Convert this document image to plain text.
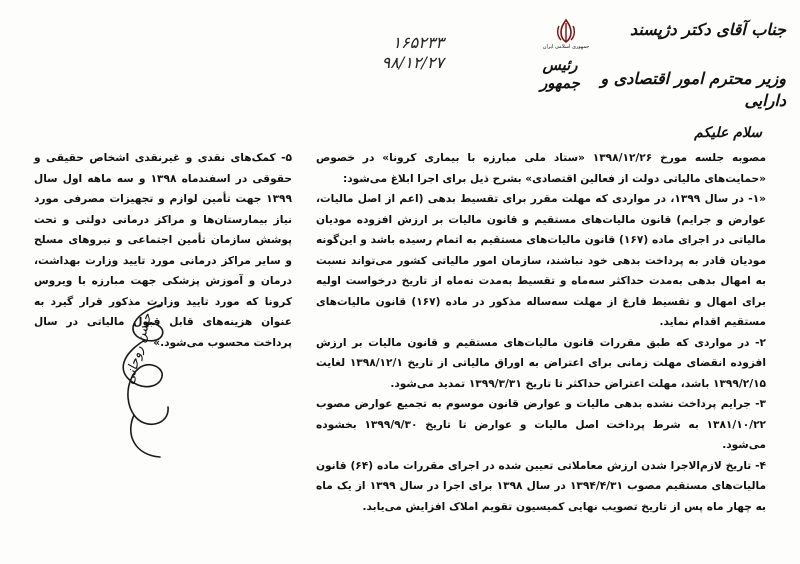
جناب آقای دکتر دژپسند
وزیر محترم امور اقتصادی و دارایی
جمهوری اسلامی ایران
رئیس جمهور
۱۶۵۲۳۳
۹۸/۱۲/۲۷
سلام علیکم

مصوبه جلسه مورخ ۱۳۹۸/۱۲/۲۶ «ستاد ملی مبارزه با بیماری کرونا» در خصوص «حمایت‌های مالیاتی دولت از فعالین اقتصادی» بشرح ذیل برای اجرا ابلاغ می‌شود:

«۱- در سال ۱۳۹۹، در مواردی که مهلت مقرر برای تقسیط بدهی (اعم از اصل مالیات، عوارض و جرایم) قانون مالیات‌های مستقیم و قانون مالیات بر ارزش افزوده مودیان مالیاتی در اجرای ماده (۱۶۷) قانون مالیات‌های مستقیم به اتمام رسیده باشد و این‌گونه مودیان قادر به پرداخت بدهی خود نباشند، سازمان امور مالیاتی کشور می‌تواند نسبت به امهال بدهی به‌مدت حداکثر سه‌ماه و تقسیط به‌مدت نه‌ماه از تاریخ درخواست اولیه برای امهال و تقسیط فارغ از مهلت سه‌ساله مذکور در ماده (۱۶۷) قانون مالیات‌های مستقیم اقدام نماید.

۲- در مواردی که طبق مقررات قانون مالیات‌های مستقیم و قانون مالیات بر ارزش افزوده انقضای مهلت زمانی برای اعتراض به اوراق مالیاتی از تاریخ ۱۳۹۸/۱۲/۱ لغایت ۱۳۹۹/۲/۱۵ باشد، مهلت اعتراض حداکثر تا تاریخ ۱۳۹۹/۳/۳۱ تمدید می‌شود.

۳- جرایم پرداخت نشده بدهی مالیات و عوارض قانون موسوم به تجمیع عوارض مصوب ۱۳۸۱/۱۰/۲۲ به شرط پرداخت اصل مالیات و عوارض تا تاریخ ۱۳۹۹/۹/۳۰ بخشوده می‌شود.

۴- تاریخ لازم‌الاجرا شدن ارزش معاملاتی تعیین شده در اجرای مقررات ماده (۶۴) قانون مالیات‌های مستقیم مصوب ۱۳۹۴/۴/۳۱ در سال ۱۳۹۸ برای اجرا در سال ۱۳۹۹ از یک ماه به چهار ماه پس از تاریخ تصویب نهایی کمیسیون تقویم املاک افزایش می‌یابد.

۵- کمک‌های نقدی و غیرنقدی اشخاص حقیقی و حقوقی در اسفندماه ۱۳۹۸ و سه ماهه اول سال ۱۳۹۹ جهت تأمین لوازم و تجهیزات مصرفی مورد نیاز بیمارستان‌ها و مراکز درمانی دولتی و تحت پوشش سازمان تأمین اجتماعی و نیروهای مسلح و سایر مراکز درمانی مورد تایید وزارت بهداشت، درمان و آموزش پزشکی جهت مبارزه با ویروس کرونا که مورد تایید وزارت مذکور قرار گیرد به عنوان هزینه‌های قابل قبول مالیاتی در سال پرداخت محسوب می‌شود.»

حسن روحانی
